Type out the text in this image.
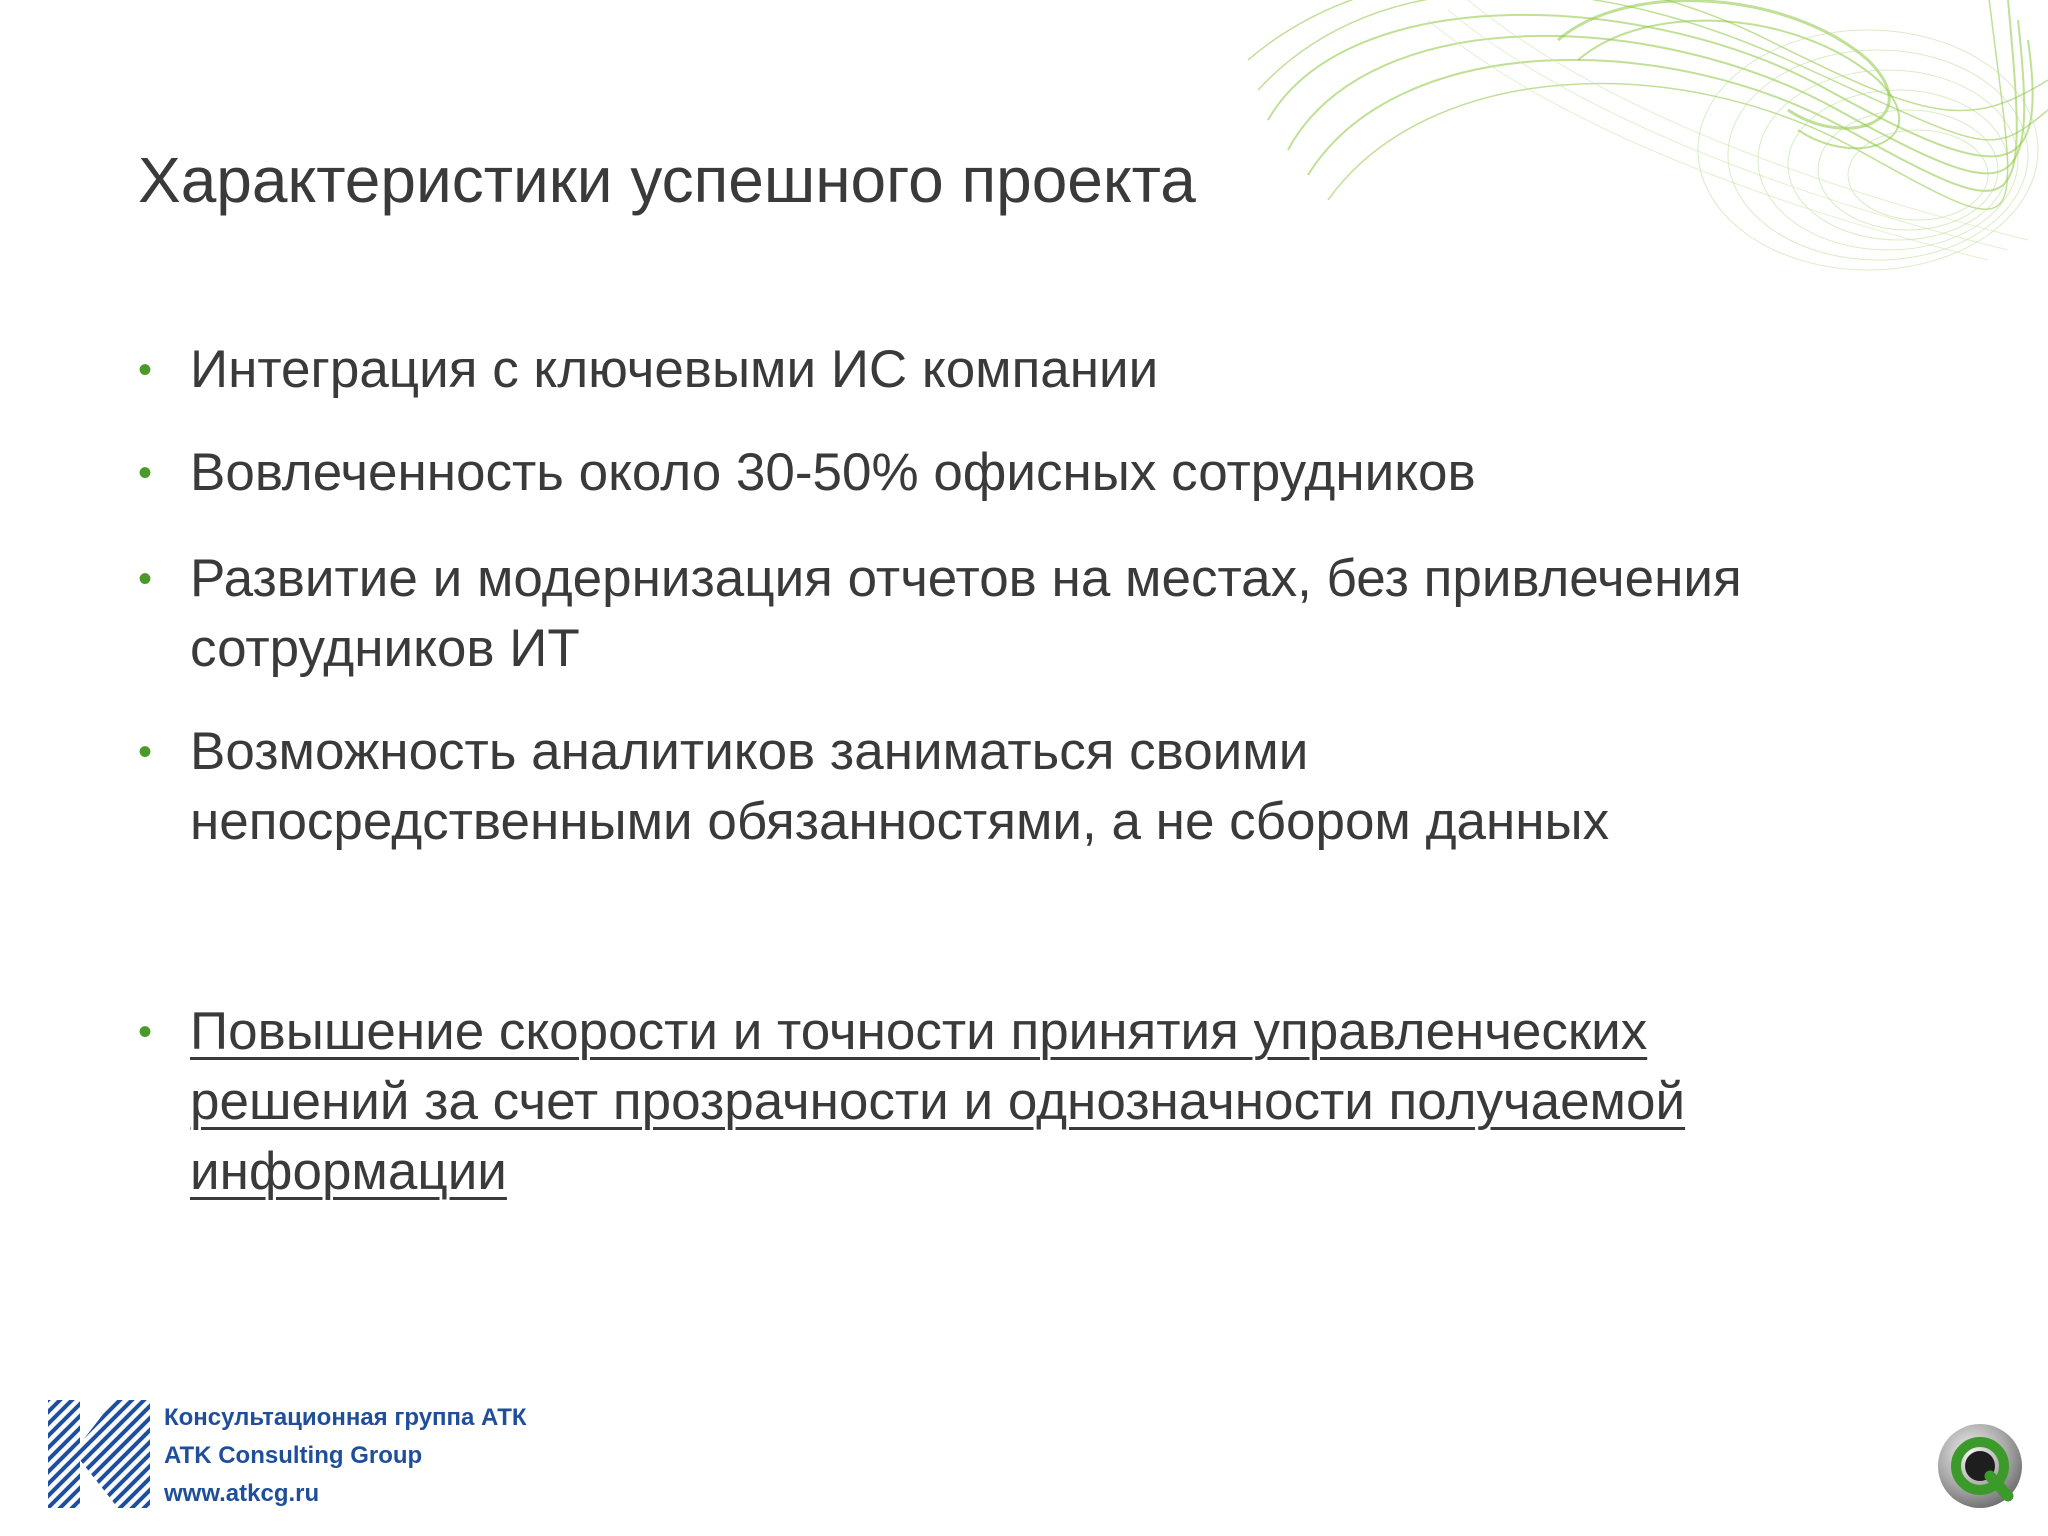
Характеристики успешного проекта
• Интеграция с ключевыми ИС компании
• Вовлеченность около 30-50% офисных сотрудников
• Развитие и модернизация отчетов на местах, без привлечения
сотрудников ИТ
• Возможность аналитиков заниматься своими
непосредственными обязанностями, а не сбором данных
• Повышение скорости и точности принятия управленческих
решений за счет прозрачности и однозначности получаемой
информации
Консультационная группа АТК
ATK Consulting Group
www.atkcg.ru
